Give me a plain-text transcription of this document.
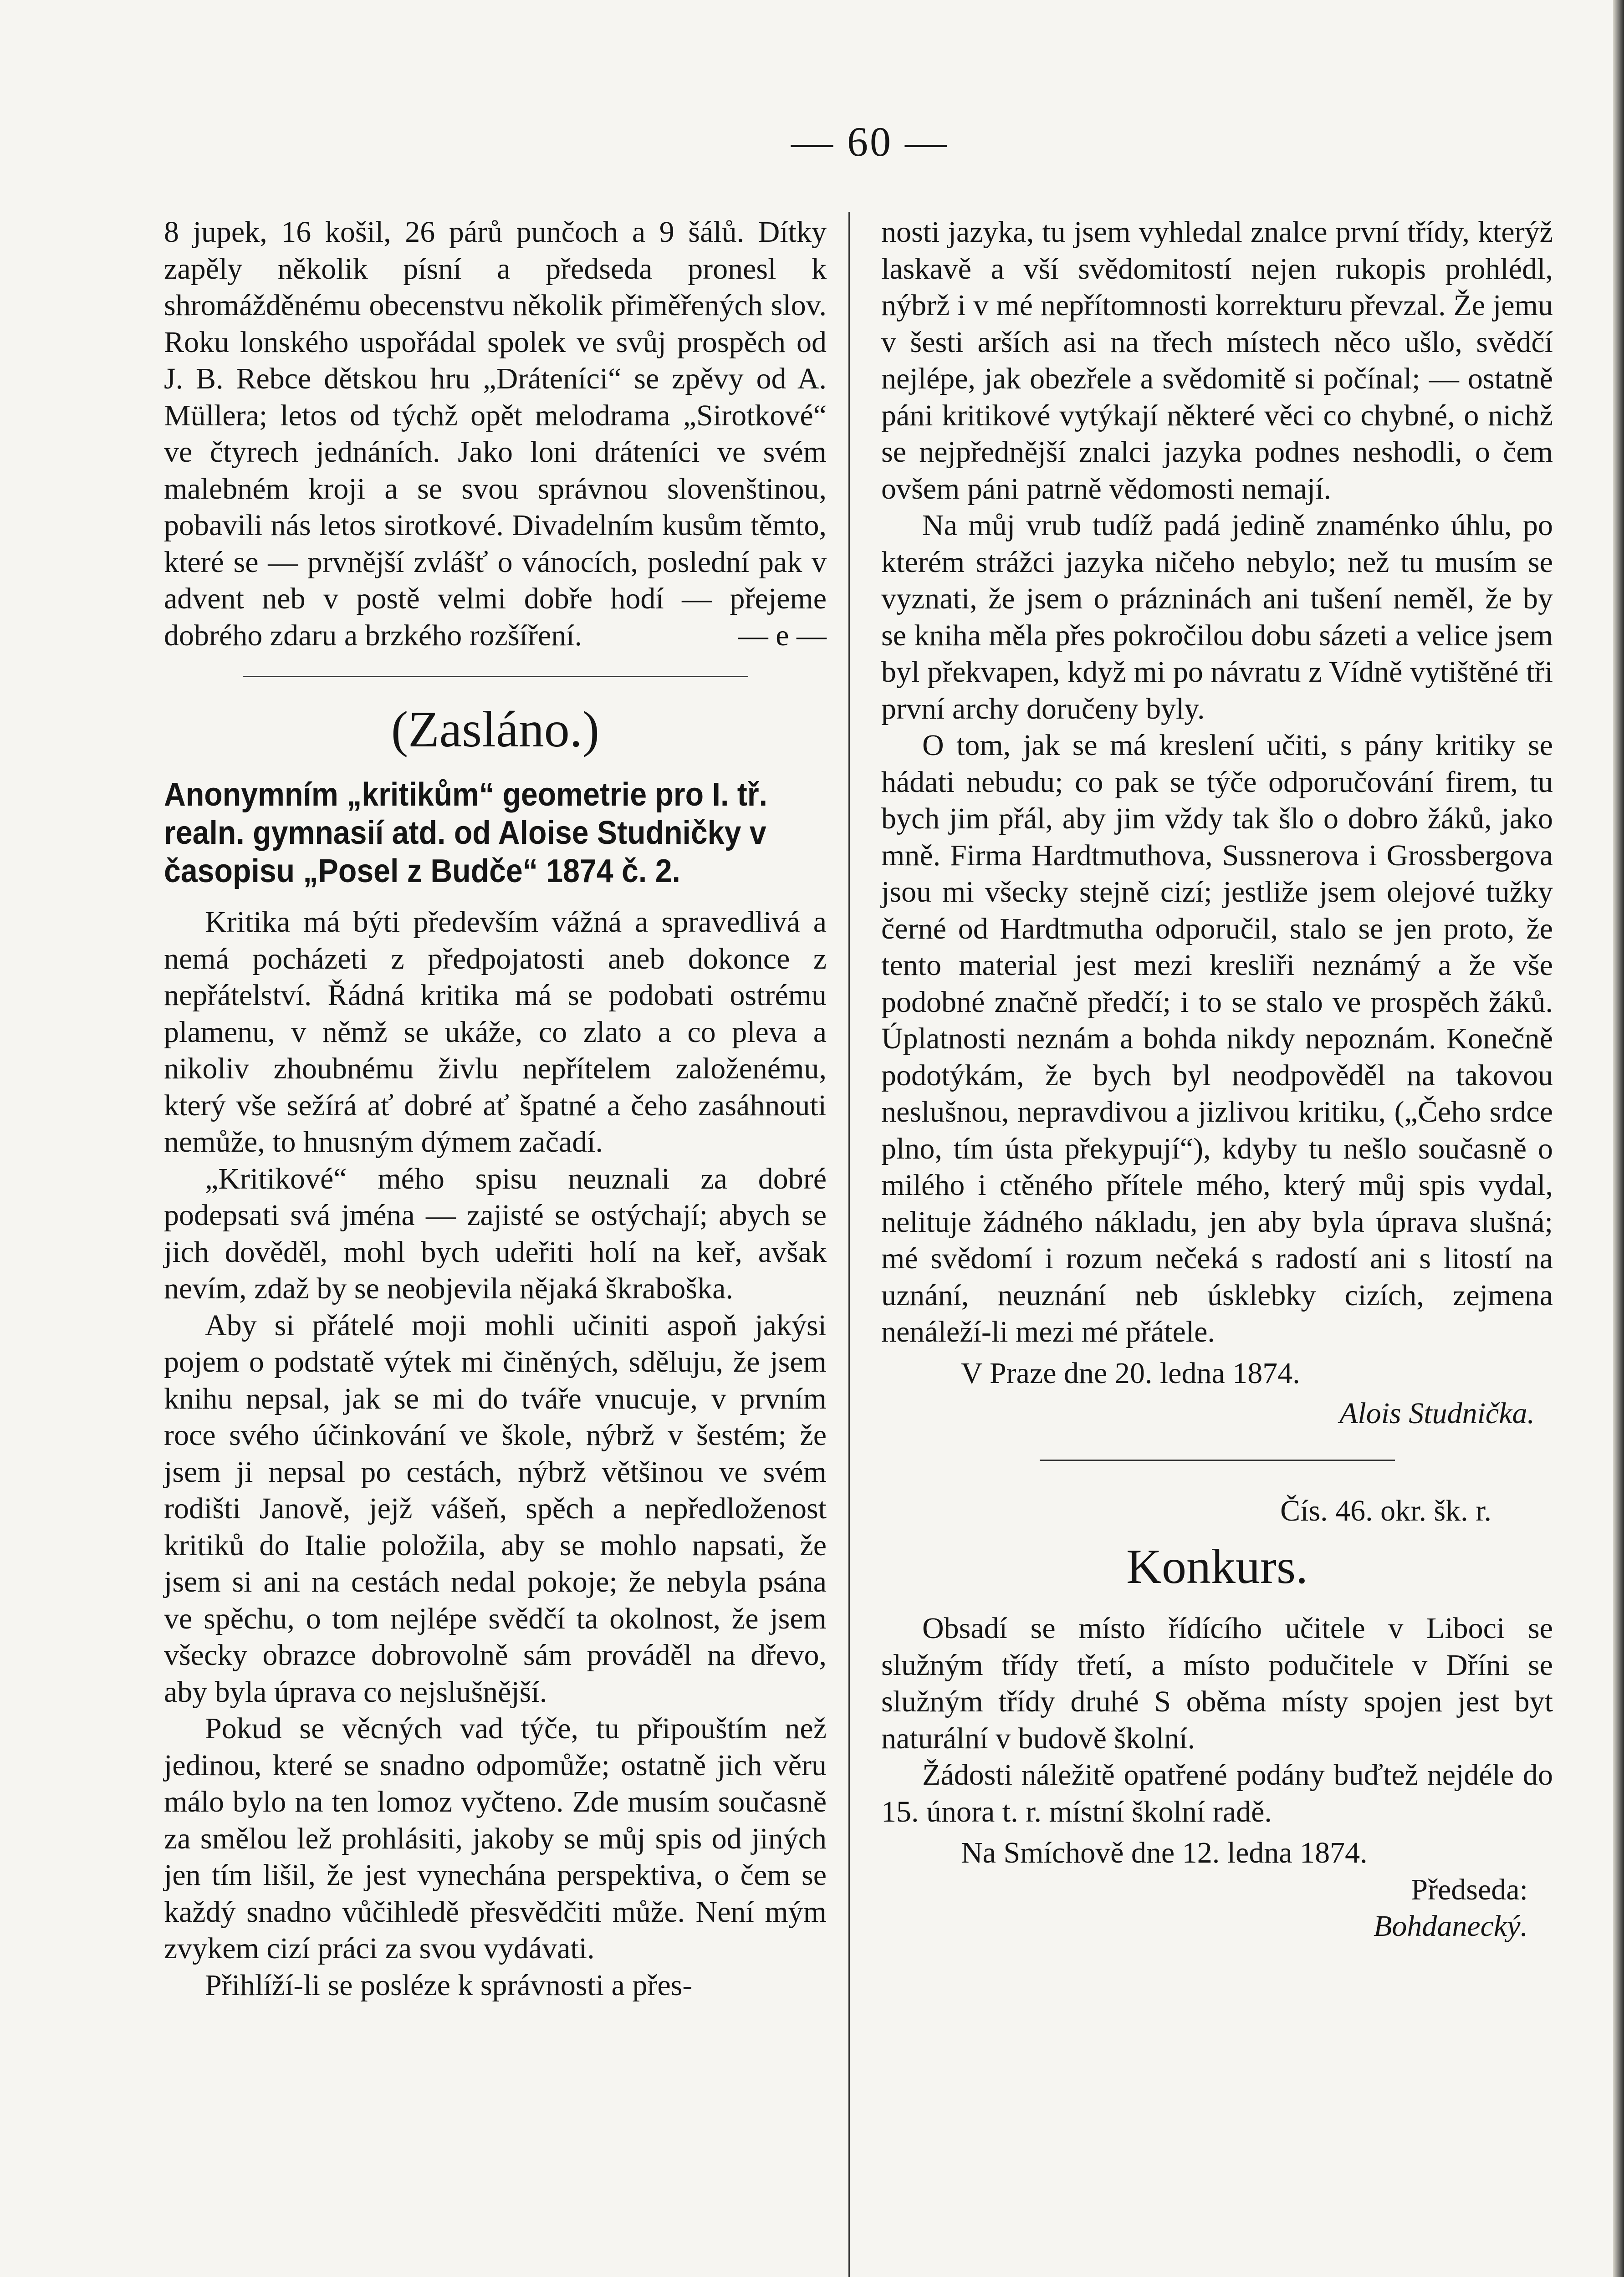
— 60 —

8 jupek, 16 košil, 26 párů punčoch a 9 šálů. Dítky zapěly několik písní a předseda pronesl k shromážděnému obecenstvu několik přiměřených slov. Roku lonského uspořádal spolek ve svůj prospěch od J. B. Rebce dětskou hru „Dráteníci“ se zpěvy od A. Müllera; letos od týchž opět melodrama „Sirotkové“ ve čtyrech jednáních. Jako loni dráteníci ve svém malebném kroji a se svou správnou slovenštinou, pobavili nás letos sirotkové. Divadelním kusům těmto, které se — prvnější zvlášť o vánocích, poslední pak v advent neb v postě velmi dobře hodí — přejeme dobrého zdaru a brzkého rozšíření.	— e —

(Zasláno.)
Anonymním „kritikům“ geometrie pro I. tř. realn. gymnasií atd. od Aloise Studničky v časopisu „Posel z Budče“ 1874 č. 2.

Kritika má býti především vážná a spravedlivá a nemá pocházeti z předpojatosti aneb dokonce z nepřátelství. Řádná kritika má se podobati ostrému plamenu, v němž se ukáže, co zlato a co pleva a nikoliv zhoubnému živlu nepřítelem založenému, který vše sežírá ať dobré ať špatné a čeho zasáhnouti nemůže, to hnusným dýmem začadí.

„Kritikové“ mého spisu neuznali za dobré podepsati svá jména — zajisté se ostýchají; abych se jich dověděl, mohl bych udeřiti holí na keř, avšak nevím, zdaž by se neobjevila nějaká škraboška.

Aby si přátelé moji mohli učiniti aspoň jakýsi pojem o podstatě výtek mi činěných, sděluju, že jsem knihu nepsal, jak se mi do tváře vnucuje, v prvním roce svého účinkování ve škole, nýbrž v šestém; že jsem ji nepsal po cestách, nýbrž většinou ve svém rodišti Janově, jejž vášeň, spěch a nepředloženost kritiků do Italie položila, aby se mohlo napsati, že jsem si ani na cestách nedal pokoje; že nebyla psána ve spěchu, o tom nejlépe svědčí ta okolnost, že jsem všecky obrazce dobrovolně sám prováděl na dřevo, aby byla úprava co nejslušnější.

Pokud se věcných vad týče, tu připouštím než jedinou, které se snadno odpomůže; ostatně jich věru málo bylo na ten lomoz vyčteno. Zde musím současně za smělou lež prohlásiti, jakoby se můj spis od jiných jen tím lišil, že jest vynechána perspektiva, o čem se každý snadno vůčihledě přesvědčiti může. Není mým zvykem cizí práci za svou vydávati.

Přihlíží-li se posléze k správnosti a přes-

nosti jazyka, tu jsem vyhledal znalce první třídy, kterýž laskavě a vší svědomitostí nejen rukopis prohlédl, nýbrž i v mé nepřítomnosti korrekturu převzal. Že jemu v šesti arších asi na třech místech něco ušlo, svědčí nejlépe, jak obezřele a svědomitě si počínal; — ostatně páni kritikové vytýkají některé věci co chybné, o nichž se nejpřednější znalci jazyka podnes neshodli, o čem ovšem páni patrně vědomosti nemají.

Na můj vrub tudíž padá jedině znaménko úhlu, po kterém strážci jazyka ničeho nebylo; než tu musím se vyznati, že jsem o prázninách ani tušení neměl, že by se kniha měla přes pokročilou dobu sázeti a velice jsem byl překvapen, když mi po návratu z Vídně vytištěné tři první archy doručeny byly.

O tom, jak se má kreslení učiti, s pány kritiky se hádati nebudu; co pak se týče odporučování firem, tu bych jim přál, aby jim vždy tak šlo o dobro žáků, jako mně. Firma Hardtmuthova, Sussnerova i Grossbergova jsou mi všecky stejně cizí; jestliže jsem olejové tužky černé od Hardtmutha odporučil, stalo se jen proto, že tento material jest mezi kresliři neznámý a že vše podobné značně předčí; i to se stalo ve prospěch žáků. Úplatnosti neznám a bohda nikdy nepoznám. Konečně podotýkám, že bych byl neodpověděl na takovou neslušnou, nepravdivou a jizlivou kritiku, („Čeho srdce plno, tím ústa překypují“), kdyby tu nešlo současně o milého i ctěného přítele mého, který můj spis vydal, nelituje žádného nákladu, jen aby byla úprava slušná; mé svědomí i rozum nečeká s radostí ani s litostí na uznání, neuznání neb úsklebky cizích, zejmena nenáleží-li mezi mé přátele.

V Praze dne 20. ledna 1874.

Alois Studnička.

Čís. 46. okr. šk. r.

Konkurs.

Obsadí se místo řídícího učitele v Liboci se služným třídy třetí, a místo podučitele v Dříni se služným třídy druhé S oběma místy spojen jest byt naturální v budově školní.

Žádosti náležitě opatřené podány buďtež nejdéle do 15. února t. r. místní školní radě.

Na Smíchově dne 12. ledna 1874.

Předseda:

Bohdanecký.
